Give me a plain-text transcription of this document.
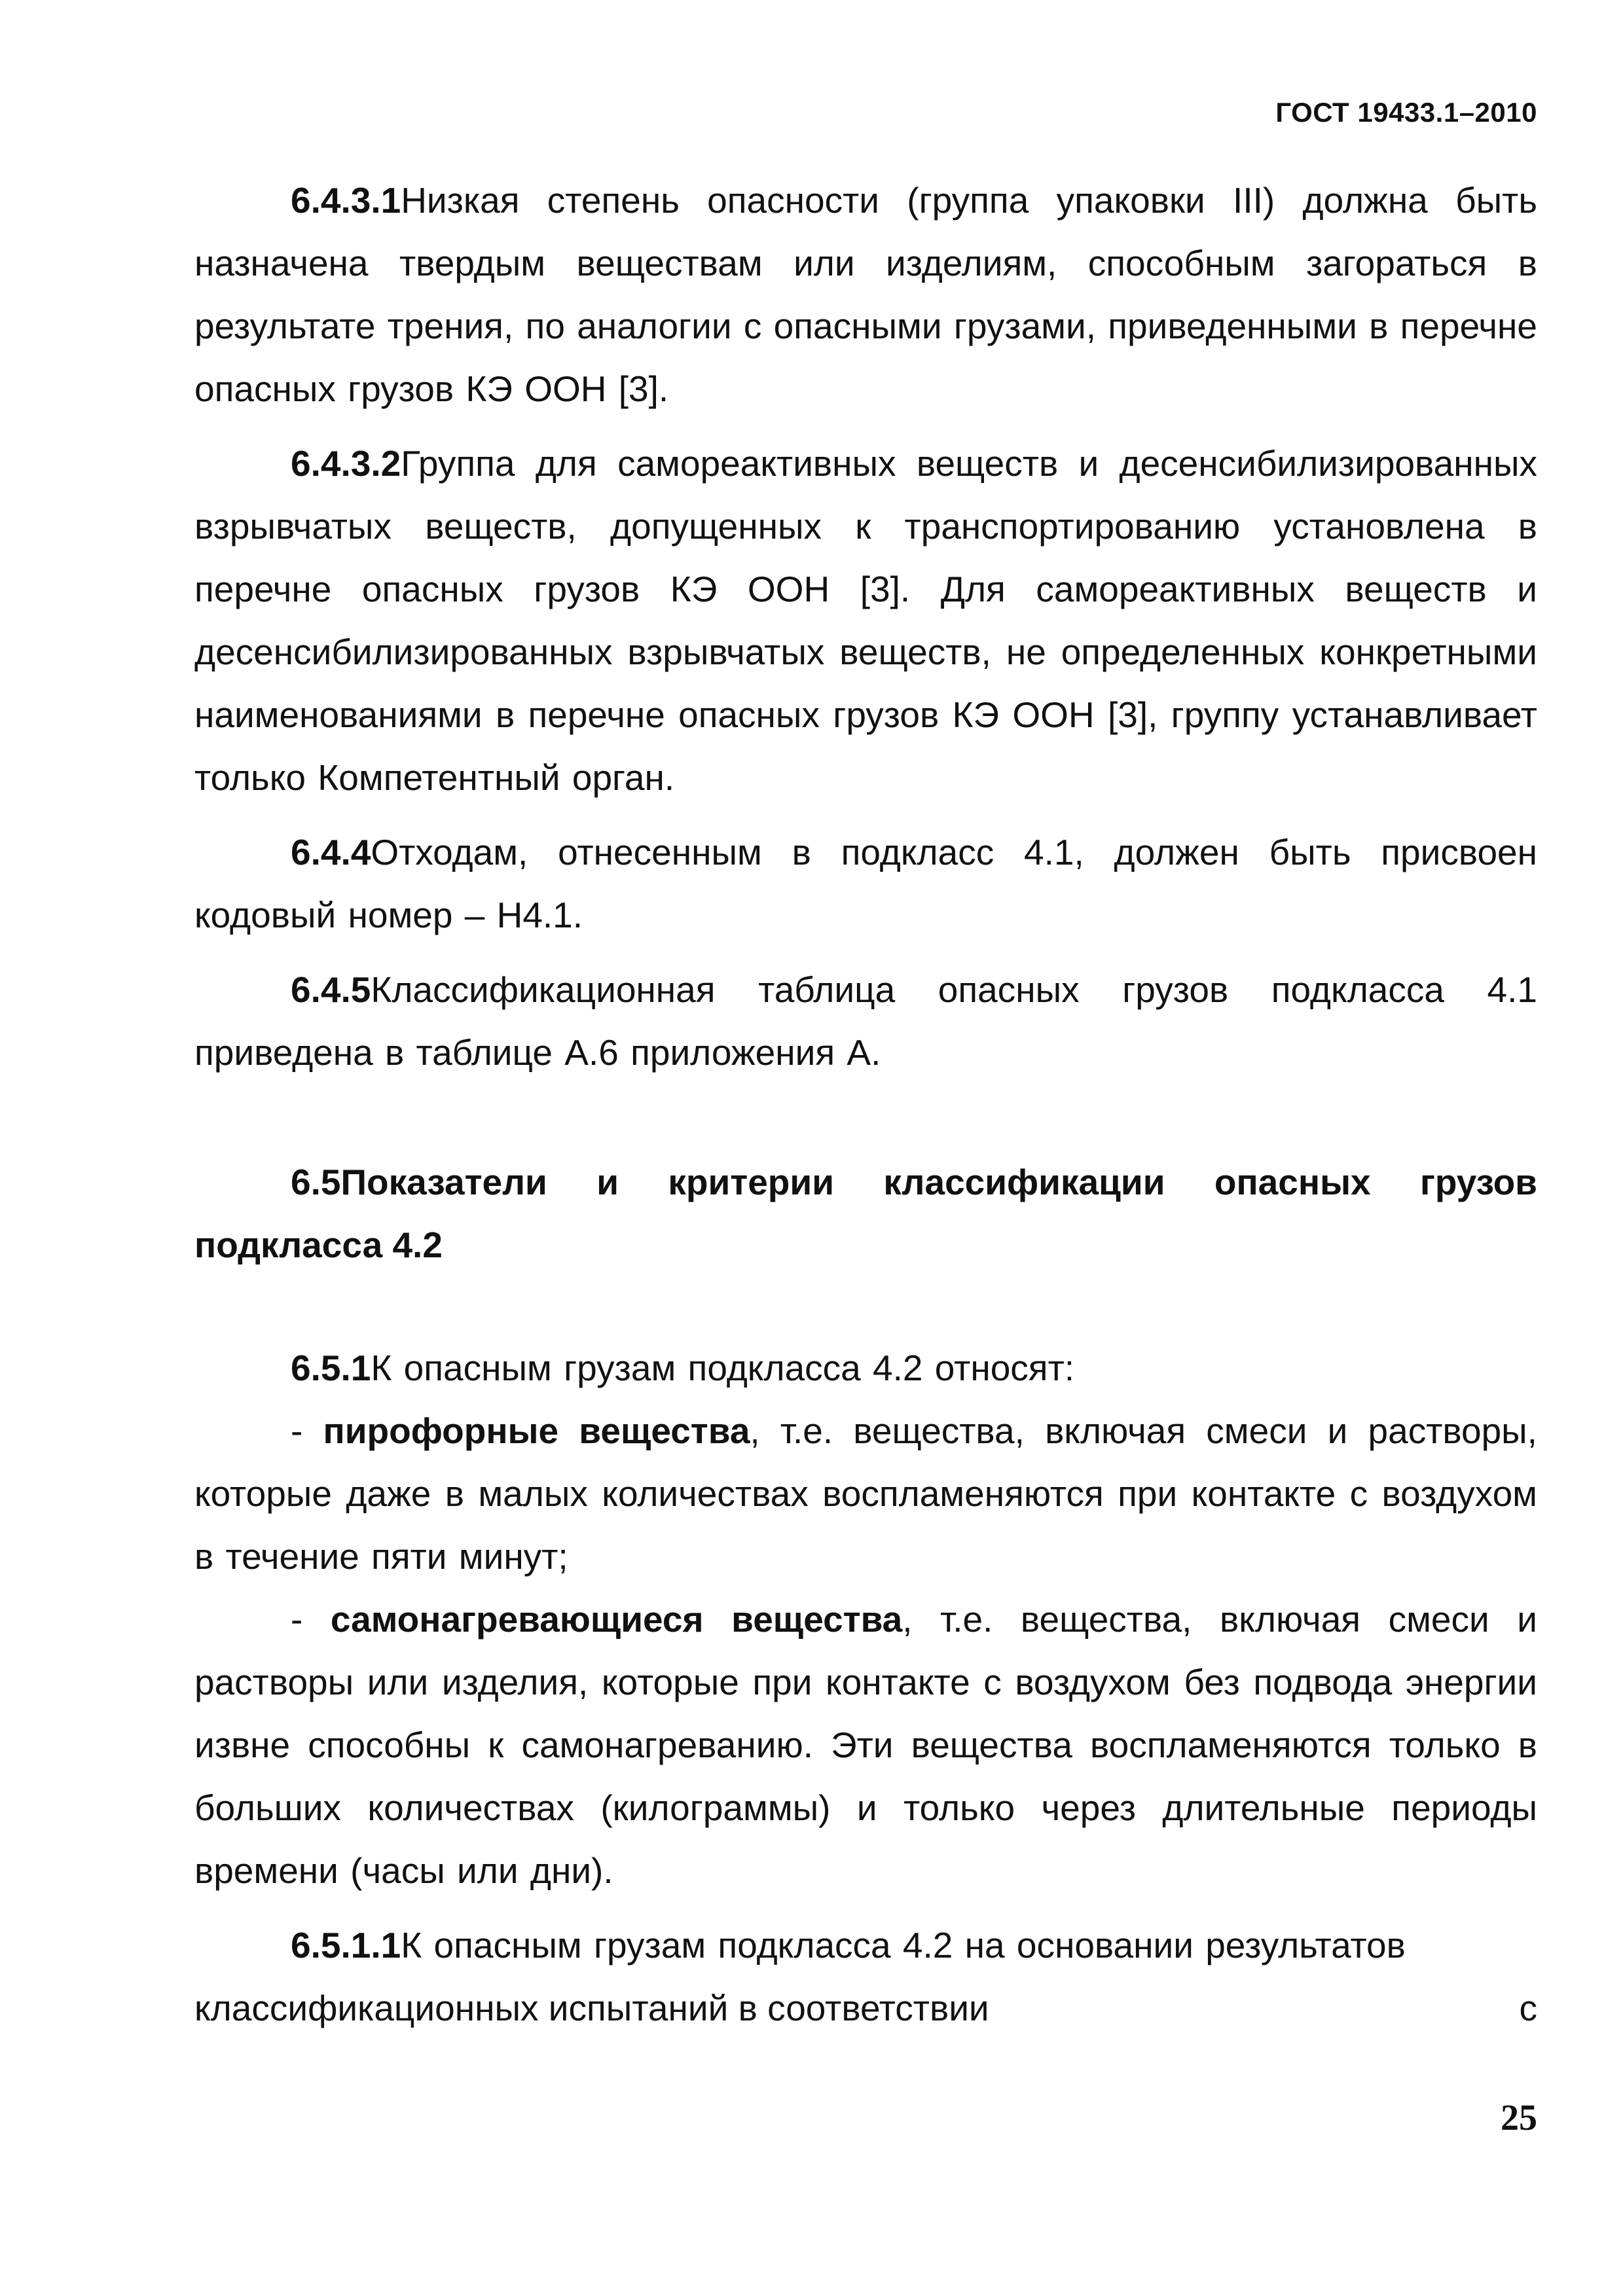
ГОСТ 19433.1–2010

6.4.3.1Низкая степень опасности (группа упаковки III) должна быть назначена твердым веществам или изделиям, способным загораться в результате трения, по аналогии с опасными грузами, приведенными в перечне опасных грузов КЭ ООН [3].

6.4.3.2Группа для самореактивных веществ и десенсибилизированных взрывчатых веществ, допущенных к транспортированию установлена в перечне опасных грузов КЭ ООН [3]. Для самореактивных веществ и десенсибилизированных взрывчатых веществ, не определенных конкретными наименованиями в перечне опасных грузов КЭ ООН [3], группу устанавливает только Компетентный орган.

6.4.4Отходам, отнесенным в подкласс 4.1, должен быть присвоен кодовый номер – Н4.1.

6.4.5Классификационная таблица опасных грузов подкласса 4.1 приведена в таблице А.6 приложения А.

6.5Показатели и критерии классификации опасных грузов подкласса 4.2

6.5.1К опасным грузам подкласса 4.2 относят:

- пирофорные вещества, т.е. вещества, включая смеси и растворы, которые даже в малых количествах воспламеняются при контакте с воздухом в течение пяти минут;

- самонагревающиеся вещества, т.е. вещества, включая смеси и растворы или изделия, которые при контакте с воздухом без подвода энергии извне способны к самонагреванию. Эти вещества воспламеняются только в больших количествах (килограммы) и только через длительные периоды времени (часы или дни).

6.5.1.1К опасным грузам подкласса 4.2 на основании результатов

классификационных испытаний в соответствии	с
25
